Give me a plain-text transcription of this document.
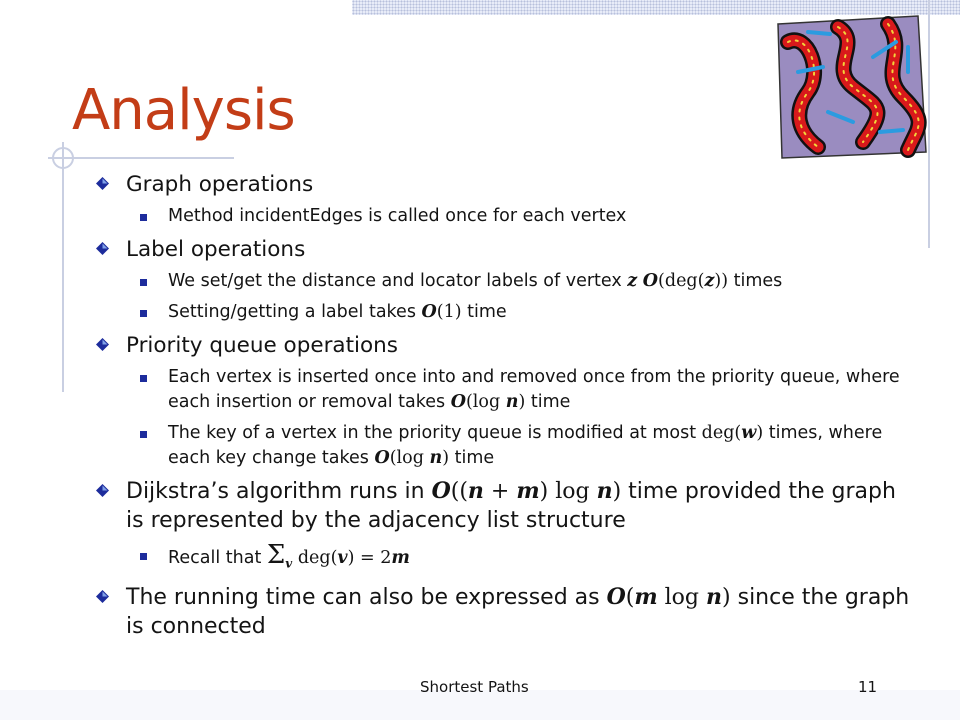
Analysis
Graph operations
Method incidentEdges is called once for each vertex
Label operations
We set/get the distance and locator labels of vertex z O(deg(z)) times
Setting/getting a label takes O(1) time
Priority queue operations
Each vertex is inserted once into and removed once from the priority queue, where each insertion or removal takes O(log n) time
The key of a vertex in the priority queue is modified at most deg(w) times, where each key change takes O(log n) time
Dijkstra’s algorithm runs in O((n + m) log n) time provided the graph is represented by the adjacency list structure
Recall that $\Sigma_v$ deg(v) = 2m
The running time can also be expressed as O(m log n) since the graph is connected
Shortest Paths	11
